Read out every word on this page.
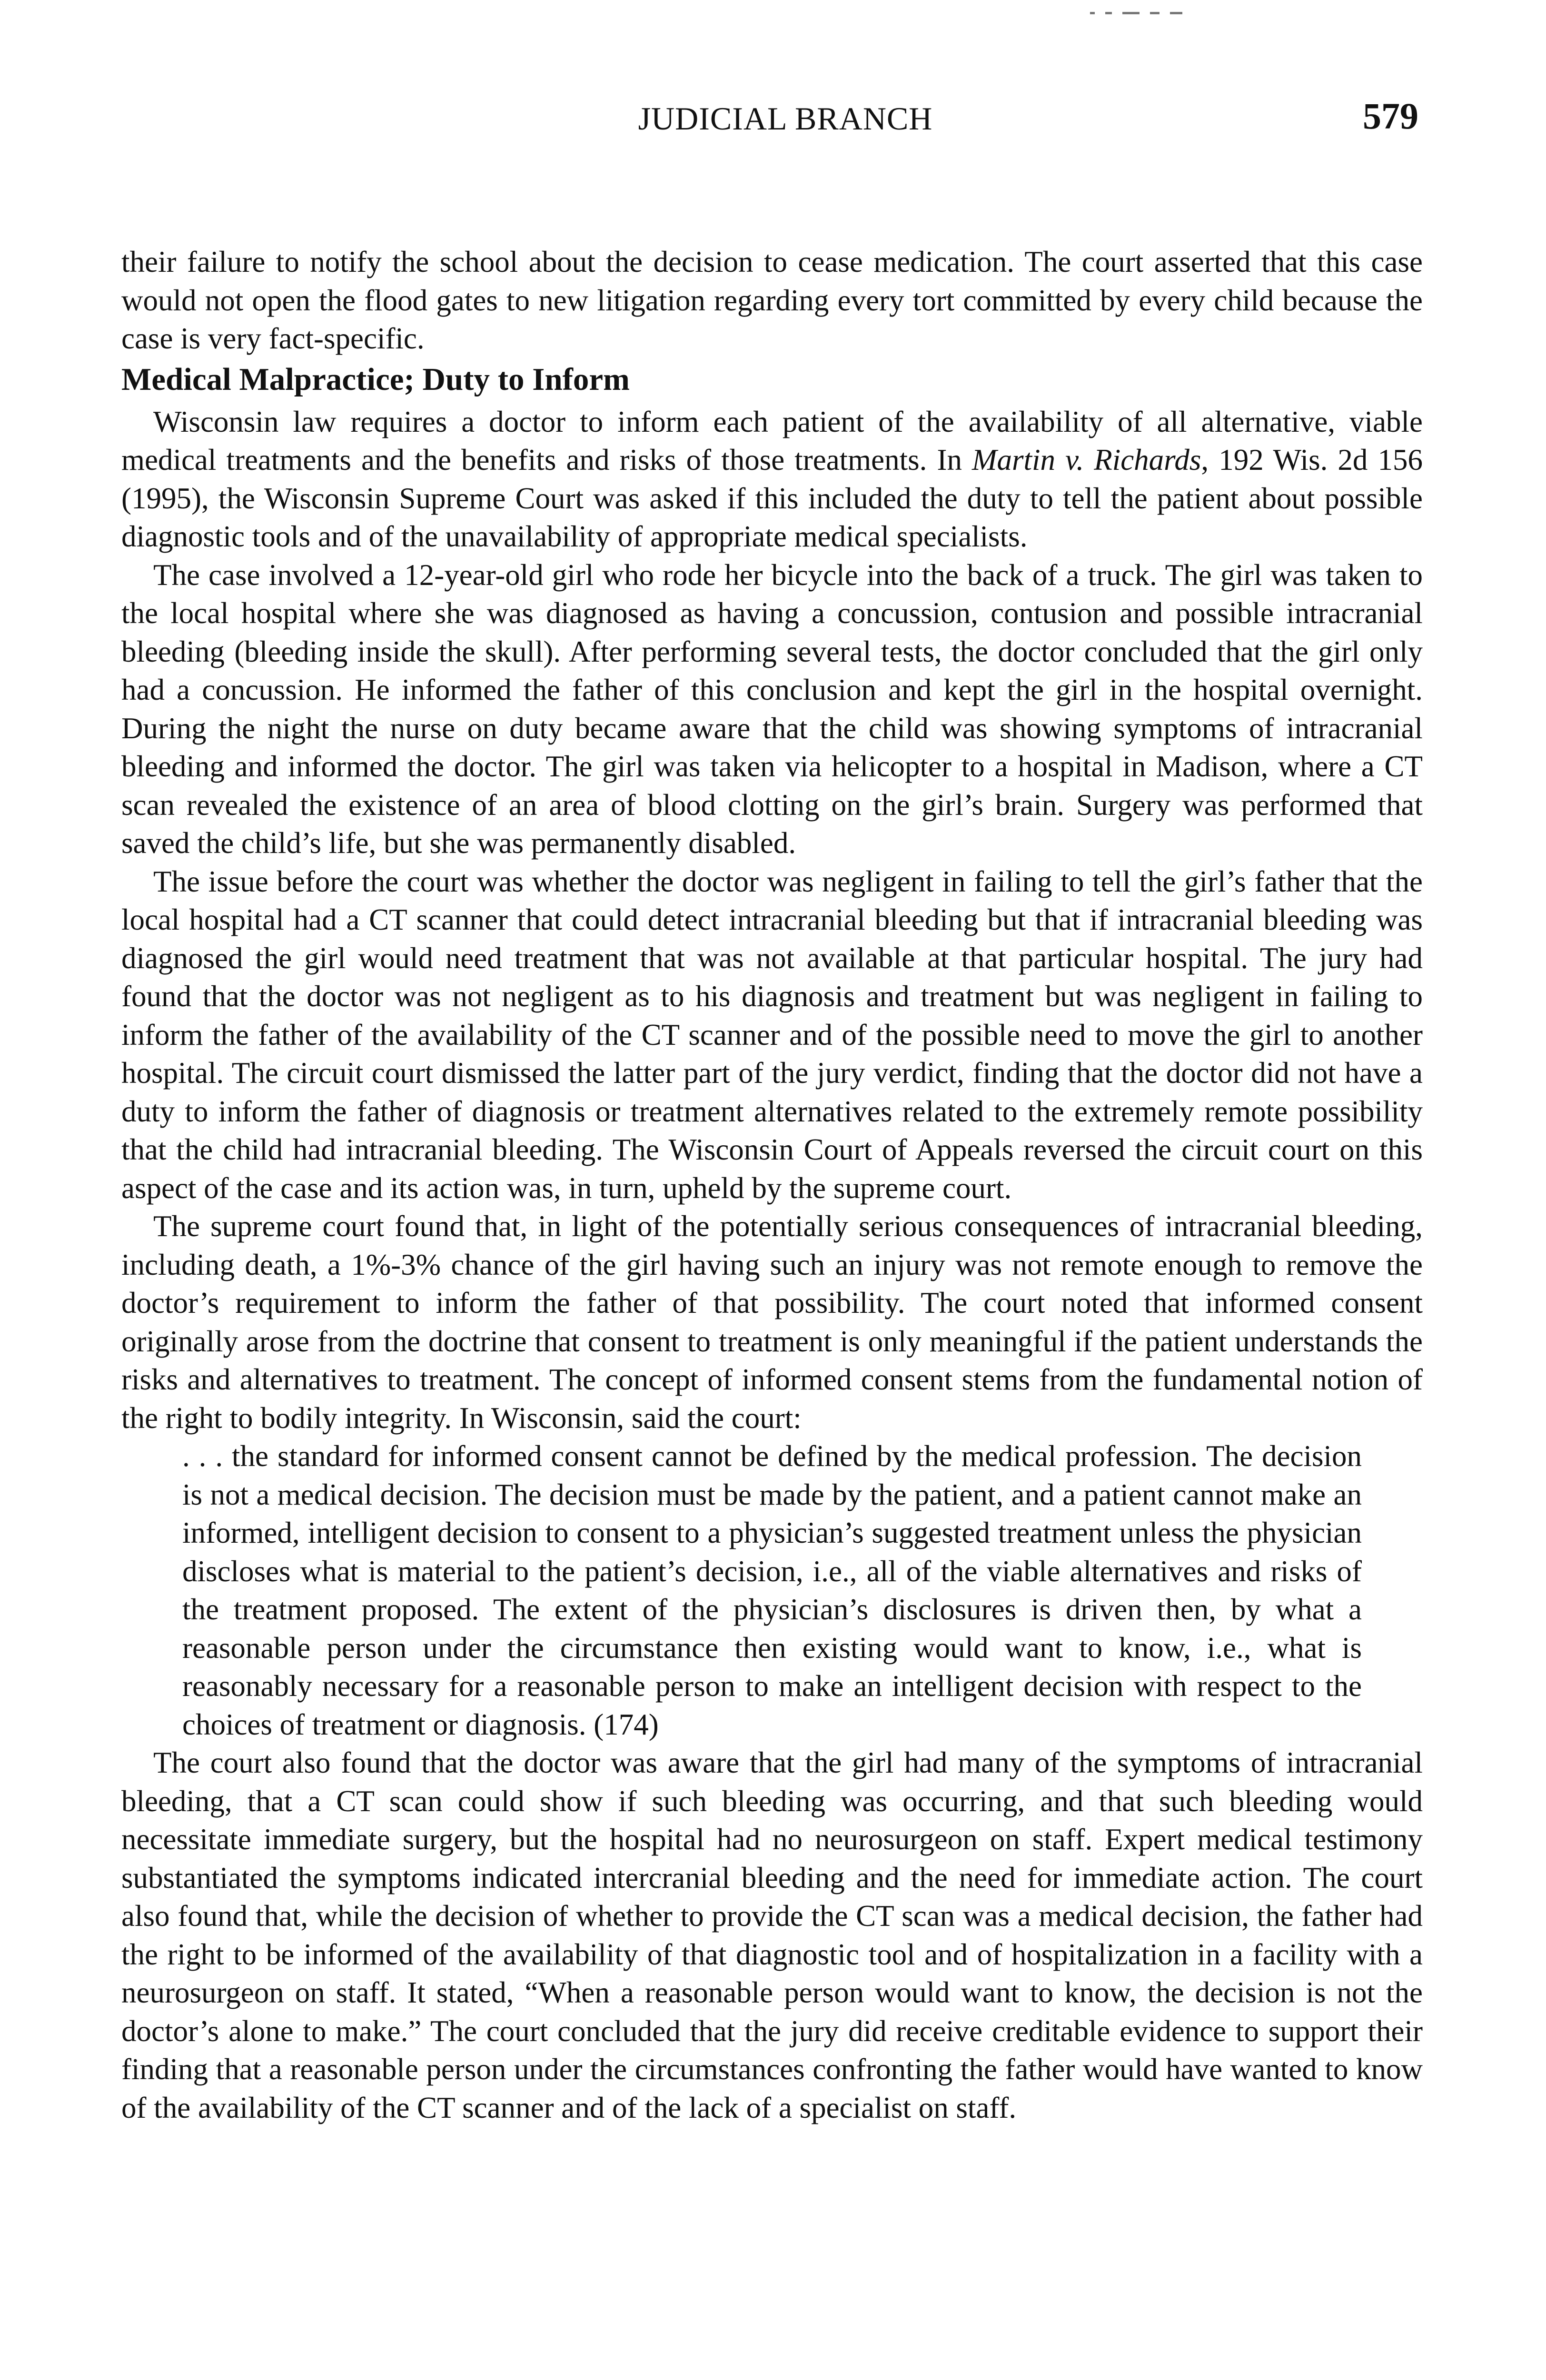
JUDICIAL BRANCH	579

their failure to notify the school about the decision to cease medication. The court asserted that this case would not open the flood gates to new litigation regarding every tort committed by every child because the case is very fact-specific.

Medical Malpractice; Duty to Inform

Wisconsin law requires a doctor to inform each patient of the availability of all alternative, viable medical treatments and the benefits and risks of those treatments. In Martin v. Richards, 192 Wis. 2d 156 (1995), the Wisconsin Supreme Court was asked if this included the duty to tell the patient about possible diagnostic tools and of the unavailability of appropriate medical specialists.

The case involved a 12-year-old girl who rode her bicycle into the back of a truck. The girl was taken to the local hospital where she was diagnosed as having a concussion, contusion and possible intracranial bleeding (bleeding inside the skull). After performing several tests, the doctor concluded that the girl only had a concussion. He informed the father of this conclusion and kept the girl in the hospital overnight. During the night the nurse on duty became aware that the child was showing symptoms of intracranial bleeding and informed the doctor. The girl was taken via helicopter to a hospital in Madison, where a CT scan revealed the existence of an area of blood clotting on the girl’s brain. Surgery was performed that saved the child’s life, but she was permanently disabled.

The issue before the court was whether the doctor was negligent in failing to tell the girl’s father that the local hospital had a CT scanner that could detect intracranial bleeding but that if intracranial bleeding was diagnosed the girl would need treatment that was not available at that particular hospital. The jury had found that the doctor was not negligent as to his diagnosis and treatment but was negligent in failing to inform the father of the availability of the CT scanner and of the possible need to move the girl to another hospital. The circuit court dismissed the latter part of the jury verdict, finding that the doctor did not have a duty to inform the father of diagnosis or treatment alternatives related to the extremely remote possibility that the child had intracranial bleeding. The Wisconsin Court of Appeals reversed the circuit court on this aspect of the case and its action was, in turn, upheld by the supreme court.

The supreme court found that, in light of the potentially serious consequences of intracranial bleeding, including death, a 1%-3% chance of the girl having such an injury was not remote enough to remove the doctor’s requirement to inform the father of that possibility. The court noted that informed consent originally arose from the doctrine that consent to treatment is only meaningful if the patient understands the risks and alternatives to treatment. The concept of informed consent stems from the fundamental notion of the right to bodily integrity. In Wisconsin, said the court:

. . . the standard for informed consent cannot be defined by the medical profession. The decision is not a medical decision. The decision must be made by the patient, and a patient cannot make an informed, intelligent decision to consent to a physician’s suggested treatment unless the physician discloses what is material to the patient’s decision, i.e., all of the viable alternatives and risks of the treatment proposed. The extent of the physician’s disclosures is driven then, by what a reasonable person under the circumstance then existing would want to know, i.e., what is reasonably necessary for a reasonable person to make an intelligent decision with respect to the choices of treatment or diagnosis. (174)

The court also found that the doctor was aware that the girl had many of the symptoms of intracranial bleeding, that a CT scan could show if such bleeding was occurring, and that such bleeding would necessitate immediate surgery, but the hospital had no neurosurgeon on staff. Expert medical testimony substantiated the symptoms indicated intercranial bleeding and the need for immediate action. The court also found that, while the decision of whether to provide the CT scan was a medical decision, the father had the right to be informed of the availability of that diagnostic tool and of hospitalization in a facility with a neurosurgeon on staff. It stated, “When a reasonable person would want to know, the decision is not the doctor’s alone to make.” The court concluded that the jury did receive creditable evidence to support their finding that a reasonable person under the circumstances confronting the father would have wanted to know of the availability of the CT scanner and of the lack of a specialist on staff.
